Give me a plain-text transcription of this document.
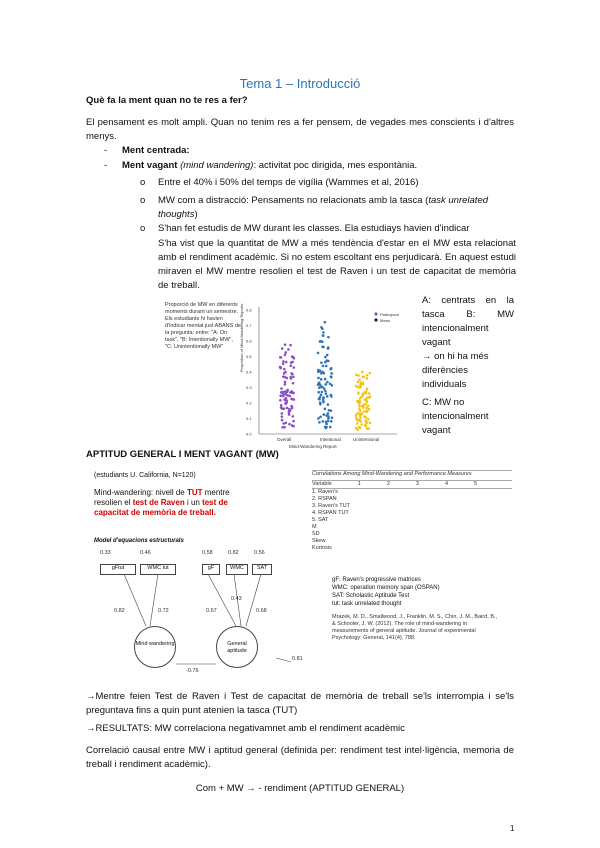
Tema 1 – Introducció
Què fa la ment quan no te res a fer?
El pensament es molt ampli. Quan no tenim res a fer pensem, de vegades mes conscients i d'altres menys.
- Ment centrada:
- Ment vagant (mind wandering): activitat poc dirigida, mes espontània.
o Entre el 40% i 50% del temps de vigília (Wammes et al, 2016)
o MW com a distracció: Pensaments no relacionats amb la tasca (task unrelated thoughts)
o S'han fet estudis de MW durant les classes. Ela estudiays havien d'indicar
S'ha vist que la quantitat de MW a més tendència d'estar en el MW esta relacionat amb el rendiment acadèmic. Si no estem escoltant ens perjudicarà. En aquest estudi miraven el MW mentre resolien el test de Raven i un test de capacitat de memòria de treball.
Proporció de MW en diferents moments durant un semestre. Els estudiants hi havien d'indicar mental just ABANS de la pregunta: entre: "A: On task", "B: Intentionally MW", "C: Unintentionally MW"
0.8
0.7
0.6
0.5
0.4
0.3
0.2
0.1
0.0
Proportion of Mind-Wandering Reports
Mind-Wandering Report
Overall	Intentional	Unintentional
Participant
Mean
A: centrats en la tasca B: MW intencionalment vagant
→ on hi ha més diferències individuals
C: MW no intencionalment vagant
APTITUD GENERAL I MENT VAGANT (MW)
(estudiants U. California, N=120)
Mind-wandering: nivell de TUT mentre resolien el test de Raven i un test de capacitat de memòria de treball.
Model d'equacions estructurals
0.33	0.46	0.58	0.82	0.56
gFtut	WMC tut	gF	WMC	SAT
0.82	0.72	0.67
0.43
0.68
-0.76
0.81
Mind wandering	General aptitude
Correlations Among Mind-Wandering and Performance Measures
Variable	1	2	3	4	5
1. Raven's
2. RSPAN
3. Raven's TUT
4. RSPAN TUT
5. SAT
M
SD
Skew
Kurtosis
gF: Raven's progressive matrices
WMC: operation memory span (OSPAN)
SAT: Scholastic Aptitude Test
tut: task unrelated thought
Mrazek, M. D., Smallwood, J., Franklin, M. S., Chin, J. M., Baird, B., & Schooler, J. W. (2012). The role of mind-wandering in measurements of general aptitude. Journal of experimental Psychology: General, 141(4), 788.
→Mentre feien Test de Raven i Test de capacitat de memòria de treball se'ls interrompia i se'ls preguntava fins a quin punt atenien la tasca (TUT)
→RESULTATS: MW correlaciona negativamnet amb el rendiment acadèmic
Correlació causal entre MW i aptitud general (definida per: rendiment test intel·ligència, memoria de treball i rendiment acadèmic).
Com + MW → - rendiment (APTITUD GENERAL)
1
